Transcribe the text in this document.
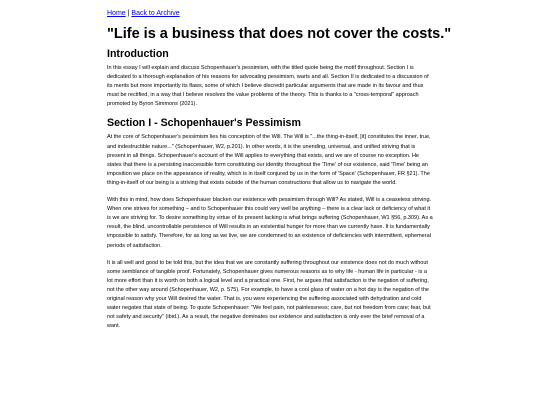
Home | Back to Archive
"Life is a business that does not cover the costs."
Introduction

In this essay I will explain and discuss Schopenhauer's pessimism, with the titled quote being the motif throughout. Section I is dedicated to a thorough explanation of his reasons for advocating pessimism, warts and all. Section II is dedicated to a discussion of its merits but more importantly its flaws, some of which I believe discredit particular arguments that are made in its favour and thus must be rectified, in a way that I believe resolves the value problems of the theory. This is thanks to a "cross-temporal" approach promoted by Byron Simmons (2021).

Section I - Schopenhauer's Pessimism

At the core of Schopenhauer's pessimism lies his conception of the Will. The Will is "...the thing-in-itself, [it] constitutes the inner, true, and indestructible nature..." (Schopenhauer, W2, p.201). In other words, it is the unending, universal, and unified striving that is present in all things. Schopenhauer's account of the Will applies to everything that exists, and we are of course no exception. He states that there is a persisting inaccessible form constituting our identity throughout the 'Time' of our existence, said 'Time' being an imposition we place on the appearance of reality, which is in itself conjured by us in the form of 'Space' (Schopenhauer, FR §21). The thing-in-itself of our being is a striving that exists outside of the human constructions that allow us to navigate the world.

With this in mind, how does Schopenhauer blacken our existence with pessimism through Will? As stated, Will is a ceaseless striving. When one strives for something – and to Schopenhauer this could very well be anything – there is a clear lack or deficiency of what it is we are striving for. To desire something by virtue of its present lacking is what brings suffering (Schopenhauer, W1 §56, p.309). As a result, the blind, uncontrollable persistence of Will results in an existential hunger for more than we currently have. It is fundamentally impossible to satisfy. Therefore, for as long as we live, we are condemned to an existence of deficiencies with intermittent, ephemeral periods of satisfaction.

It is all well and good to be told this, but the idea that we are constantly suffering throughout our existence does not do much without some semblance of tangible proof. Fortunately, Schopenhauer gives numerous reasons as to why life - human life in particular - is a lot more effort than it is worth on both a logical level and a practical one. First, he argues that satisfaction is the negation of suffering, not the other way around (Schopenhauer, W2, p. 575). For example, to have a cool glass of water on a hot day is the negation of the original reason why your Will desired the water. That is, you were experiencing the suffering associated with dehydration and cold water negates that state of being. To quote Schopenhauer: "We feel pain, not painlessness; care, but not freedom from care; fear, but not safety and security" (ibid.). As a result, the negative dominates our existence and satisfaction is only ever the brief removal of a want.
